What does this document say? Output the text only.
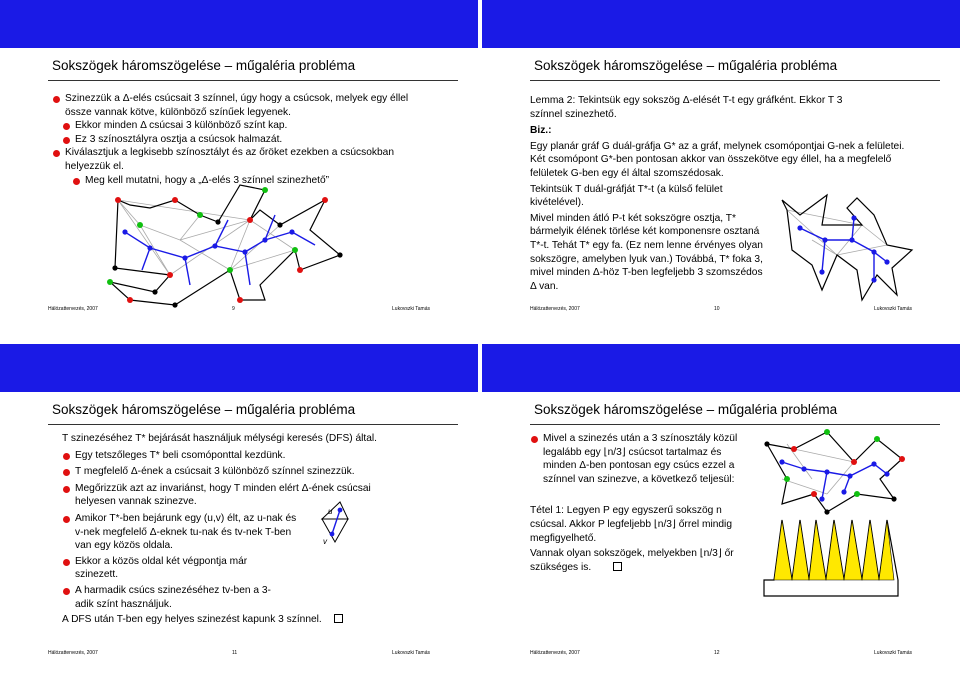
Sokszögek háromszögelése – műgaléria probléma

Szinezzük a Δ-elés csúcsait 3 színnel, úgy hogy a csúcsok, melyek egy éllel össze vannak kötve, különböző színűek legyenek.

Ekkor minden Δ csúcsai 3 különböző színt kap.

Ez 3 színosztályra osztja a csúcsok halmazát.

Kiválasztjuk a legkisebb színosztályt és az őröket ezekben a csúcsokban helyezzük el.

Meg kell mutatni, hogy a „Δ-elés 3 színnel szinezhető”

Hálózattervezés, 2007	9	Lukovszki Tamás
Sokszögek háromszögelése – műgaléria probléma

Lemma 2: Tekintsük egy sokszög Δ-elését T-t egy gráfként. Ekkor T 3 színnel szinezhető.

Biz.:

Egy planár gráf G duál-gráfja G* az a gráf, melynek csomópontjai G-nek a felületei. Két csomópont G*-ben pontosan akkor van összekötve egy éllel, ha a megfelelő felületek G-ben egy él által szomszédosak.

Tekintsük T duál-gráfját T*-t (a külső felület kivételével).

Mivel minden átló P-t két sokszögre osztja, T* bármelyik élének törlése két komponensre osztaná T*-t. Tehát T* egy fa. (Ez nem lenne érvényes olyan sokszögre, amelyben lyuk van.) Továbbá, T* foka 3, mivel minden Δ-höz T-ben legfeljebb 3 szomszédos Δ van.

Hálózattervezés, 2007	10	Lukovszki Tamás
Sokszögek háromszögelése – műgaléria probléma

T szinezéséhez T* bejárását használjuk mélységi keresés (DFS) által.

Egy tetszőleges T* beli csomóponttal kezdünk.

T megfelelő Δ-ének a csúcsait 3 különböző színnel szinezzük.

Megőrizzük azt az invariánst, hogy T minden elért Δ-ének csúcsai helyesen vannak szinezve.

Amikor T*-ben bejárunk egy (u,v) élt, az u-nak és v-nek megfelelő Δ-eknek tu-nak és tv-nek T-ben van egy közös oldala.

Ekkor a közös oldal két végpontja már szinezett.

A harmadik csúcs szinezéséhez tv-ben a 3-adik színt használjuk.

A DFS után T-ben egy helyes szinezést kapunk 3 színnel.

u
v
Hálózattervezés, 2007	11	Lukovszki Tamás
Sokszögek háromszögelése – műgaléria probléma

Mivel a szinezés után a 3 színosztály közül legalább egy ⌊n/3⌋ csúcsot tartalmaz és minden Δ-ben pontosan egy csúcs ezzel a színnel van szinezve, a következő teljesül:

Tétel 1: Legyen P egy egyszerű sokszög n csúcsal. Akkor P legfeljebb ⌊n/3⌋ őrrel mindig megfigyelhető.

Vannak olyan sokszögek, melyekben ⌊n/3⌋ őr szükséges is.

Hálózattervezés, 2007	12	Lukovszki Tamás
